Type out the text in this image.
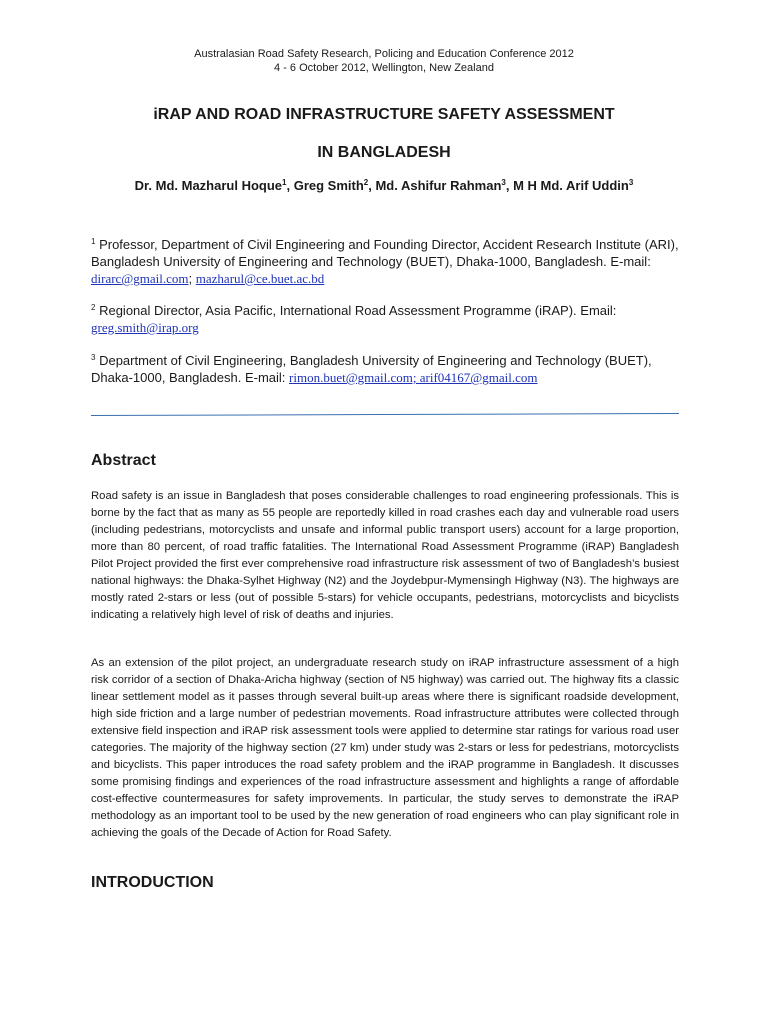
Australasian Road Safety Research, Policing and Education Conference 2012
4 - 6 October 2012, Wellington, New Zealand
iRAP AND ROAD INFRASTRUCTURE SAFETY ASSESSMENT
IN BANGLADESH
Dr. Md. Mazharul Hoque$^1$, Greg Smith$^2$, Md. Ashifur Rahman$^3$, M H Md. Arif Uddin$^3$
$^1$ Professor, Department of Civil Engineering and Founding Director, Accident Research Institute (ARI), Bangladesh University of Engineering and Technology (BUET), Dhaka-1000, Bangladesh. E-mail: dirarc@gmail.com; mazharul@ce.buet.ac.bd
$^2$ Regional Director, Asia Pacific, International Road Assessment Programme (iRAP). Email: greg.smith@irap.org
$^3$ Department of Civil Engineering, Bangladesh University of Engineering and Technology (BUET), Dhaka-1000, Bangladesh. E-mail: rimon.buet@gmail.com; arif04167@gmail.com
Abstract
Road safety is an issue in Bangladesh that poses considerable challenges to road engineering professionals. This is borne by the fact that as many as 55 people are reportedly killed in road crashes each day and vulnerable road users (including pedestrians, motorcyclists and unsafe and informal public transport users) account for a large proportion, more than 80 percent, of road traffic fatalities. The International Road Assessment Programme (iRAP) Bangladesh Pilot Project provided the first ever comprehensive road infrastructure risk assessment of two of Bangladesh’s busiest national highways: the Dhaka-Sylhet Highway (N2) and the Joydebpur-Mymensingh Highway (N3). The highways are mostly rated 2-stars or less (out of possible 5-stars) for vehicle occupants, pedestrians, motorcyclists and bicyclists indicating a relatively high level of risk of deaths and injuries.
As an extension of the pilot project, an undergraduate research study on iRAP infrastructure assessment of a high risk corridor of a section of Dhaka-Aricha highway (section of N5 highway) was carried out. The highway fits a classic linear settlement model as it passes through several built-up areas where there is significant roadside development, high side friction and a large number of pedestrian movements. Road infrastructure attributes were collected through extensive field inspection and iRAP risk assessment tools were applied to determine star ratings for various road user categories. The majority of the highway section (27 km) under study was 2-stars or less for pedestrians, motorcyclists and bicyclists. This paper introduces the road safety problem and the iRAP programme in Bangladesh. It discusses some promising findings and experiences of the road infrastructure assessment and highlights a range of affordable cost-effective countermeasures for safety improvements. In particular, the study serves to demonstrate the iRAP methodology as an important tool to be used by the new generation of road engineers who can play significant role in achieving the goals of the Decade of Action for Road Safety.
INTRODUCTION
